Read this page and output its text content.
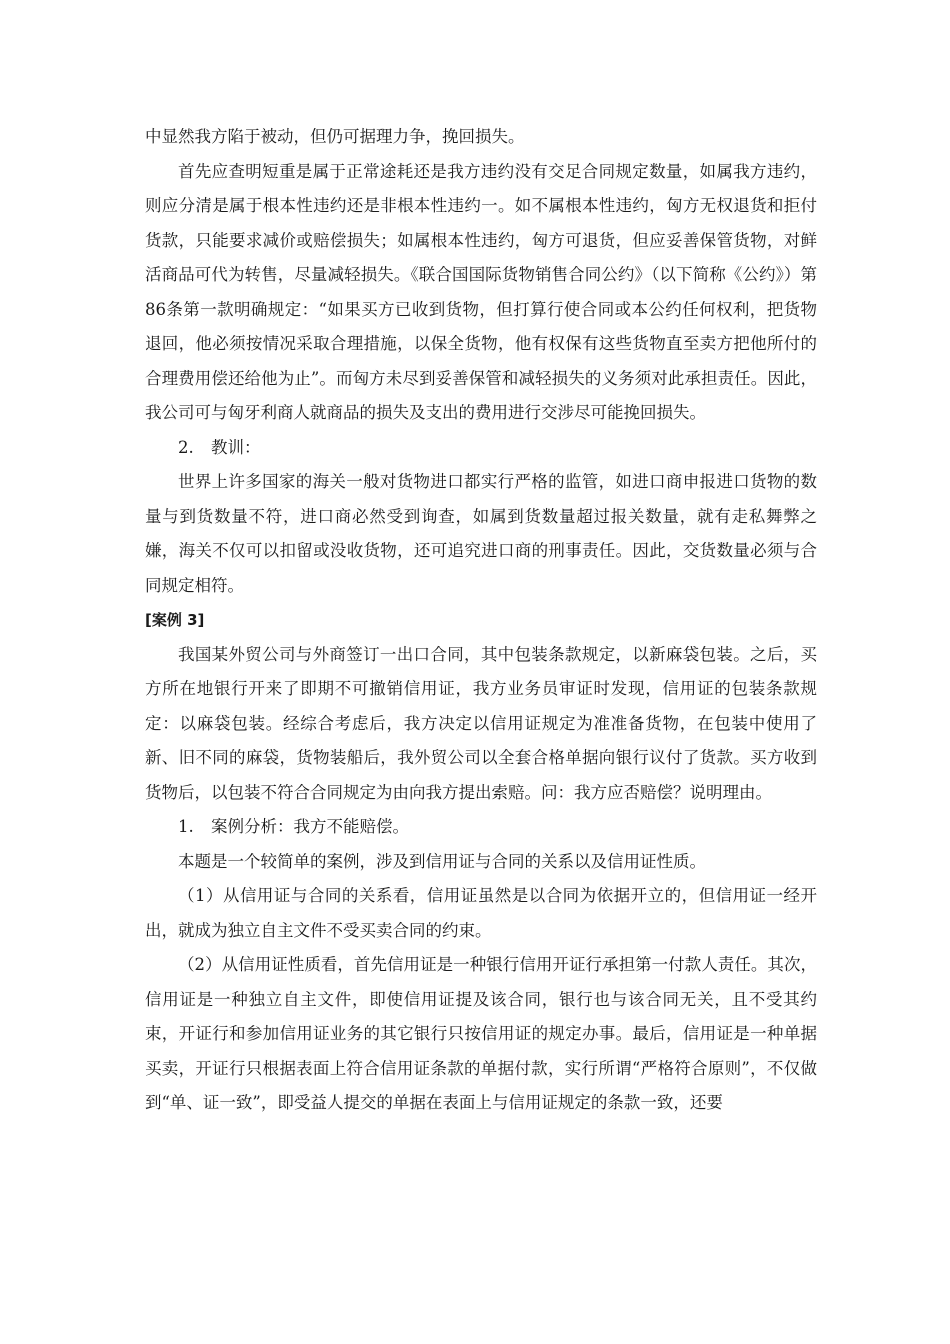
中显然我方陷于被动，但仍可据理力争，挽回损失。

首先应查明短重是属于正常途耗还是我方违约没有交足合同规定数量，如属我方违约，则应分清是属于根本性违约还是非根本性违约一。如不属根本性违约，匈方无权退货和拒付货款，只能要求减价或赔偿损失；如属根本性违约，匈方可退货，但应妥善保管货物，对鲜活商品可代为转售，尽量减轻损失。《联合国国际货物销售合同公约》（以下简称《公约》）第　86条第一款明确规定：“如果买方已收到货物，但打算行使合同或本公约任何权利，把货物退回，他必须按情况采取合理措施，以保全货物，他有权保有这些货物直至卖方把他所付的合理费用偿还给他为止”。而匈方未尽到妥善保管和减轻损失的义务须对此承担责任。因此，我公司可与匈牙利商人就商品的损失及支出的费用进行交涉尽可能挽回损失。

2. 教训：

世界上许多国家的海关一般对货物进口都实行严格的监管，如进口商申报进口货物的数量与到货数量不符，进口商必然受到询查，如属到货数量超过报关数量，就有走私舞弊之嫌，海关不仅可以扣留或没收货物，还可追究进口商的刑事责任。因此，交货数量必须与合同规定相符。

[案例 3]

我国某外贸公司与外商签订一出口合同，其中包装条款规定，以新麻袋包装。之后，买方所在地银行开来了即期不可撤销信用证，我方业务员审证时发现，信用证的包装条款规定：以麻袋包装。经综合考虑后，我方决定以信用证规定为准准备货物，在包装中使用了新、旧不同的麻袋，货物装船后，我外贸公司以全套合格单据向银行议付了货款。买方收到货物后，以包装不符合合同规定为由向我方提出索赔。问：我方应否赔偿？说明理由。

1. 案例分析：我方不能赔偿。

本题是一个较简单的案例，涉及到信用证与合同的关系以及信用证性质。

（1）从信用证与合同的关系看，信用证虽然是以合同为依据开立的，但信用证一经开出，就成为独立自主文件不受买卖合同的约束。

（2）从信用证性质看，首先信用证是一种银行信用开证行承担第一付款人责任。其次，信用证是一种独立自主文件，即使信用证提及该合同，银行也与该合同无关，且不受其约束，开证行和参加信用证业务的其它银行只按信用证的规定办事。最后，信用证是一种单据买卖，开证行只根据表面上符合信用证条款的单据付款，实行所谓“严格符合原则”，不仅做到“单、证一致”，即受益人提交的单据在表面上与信用证规定的条款一致，还要
